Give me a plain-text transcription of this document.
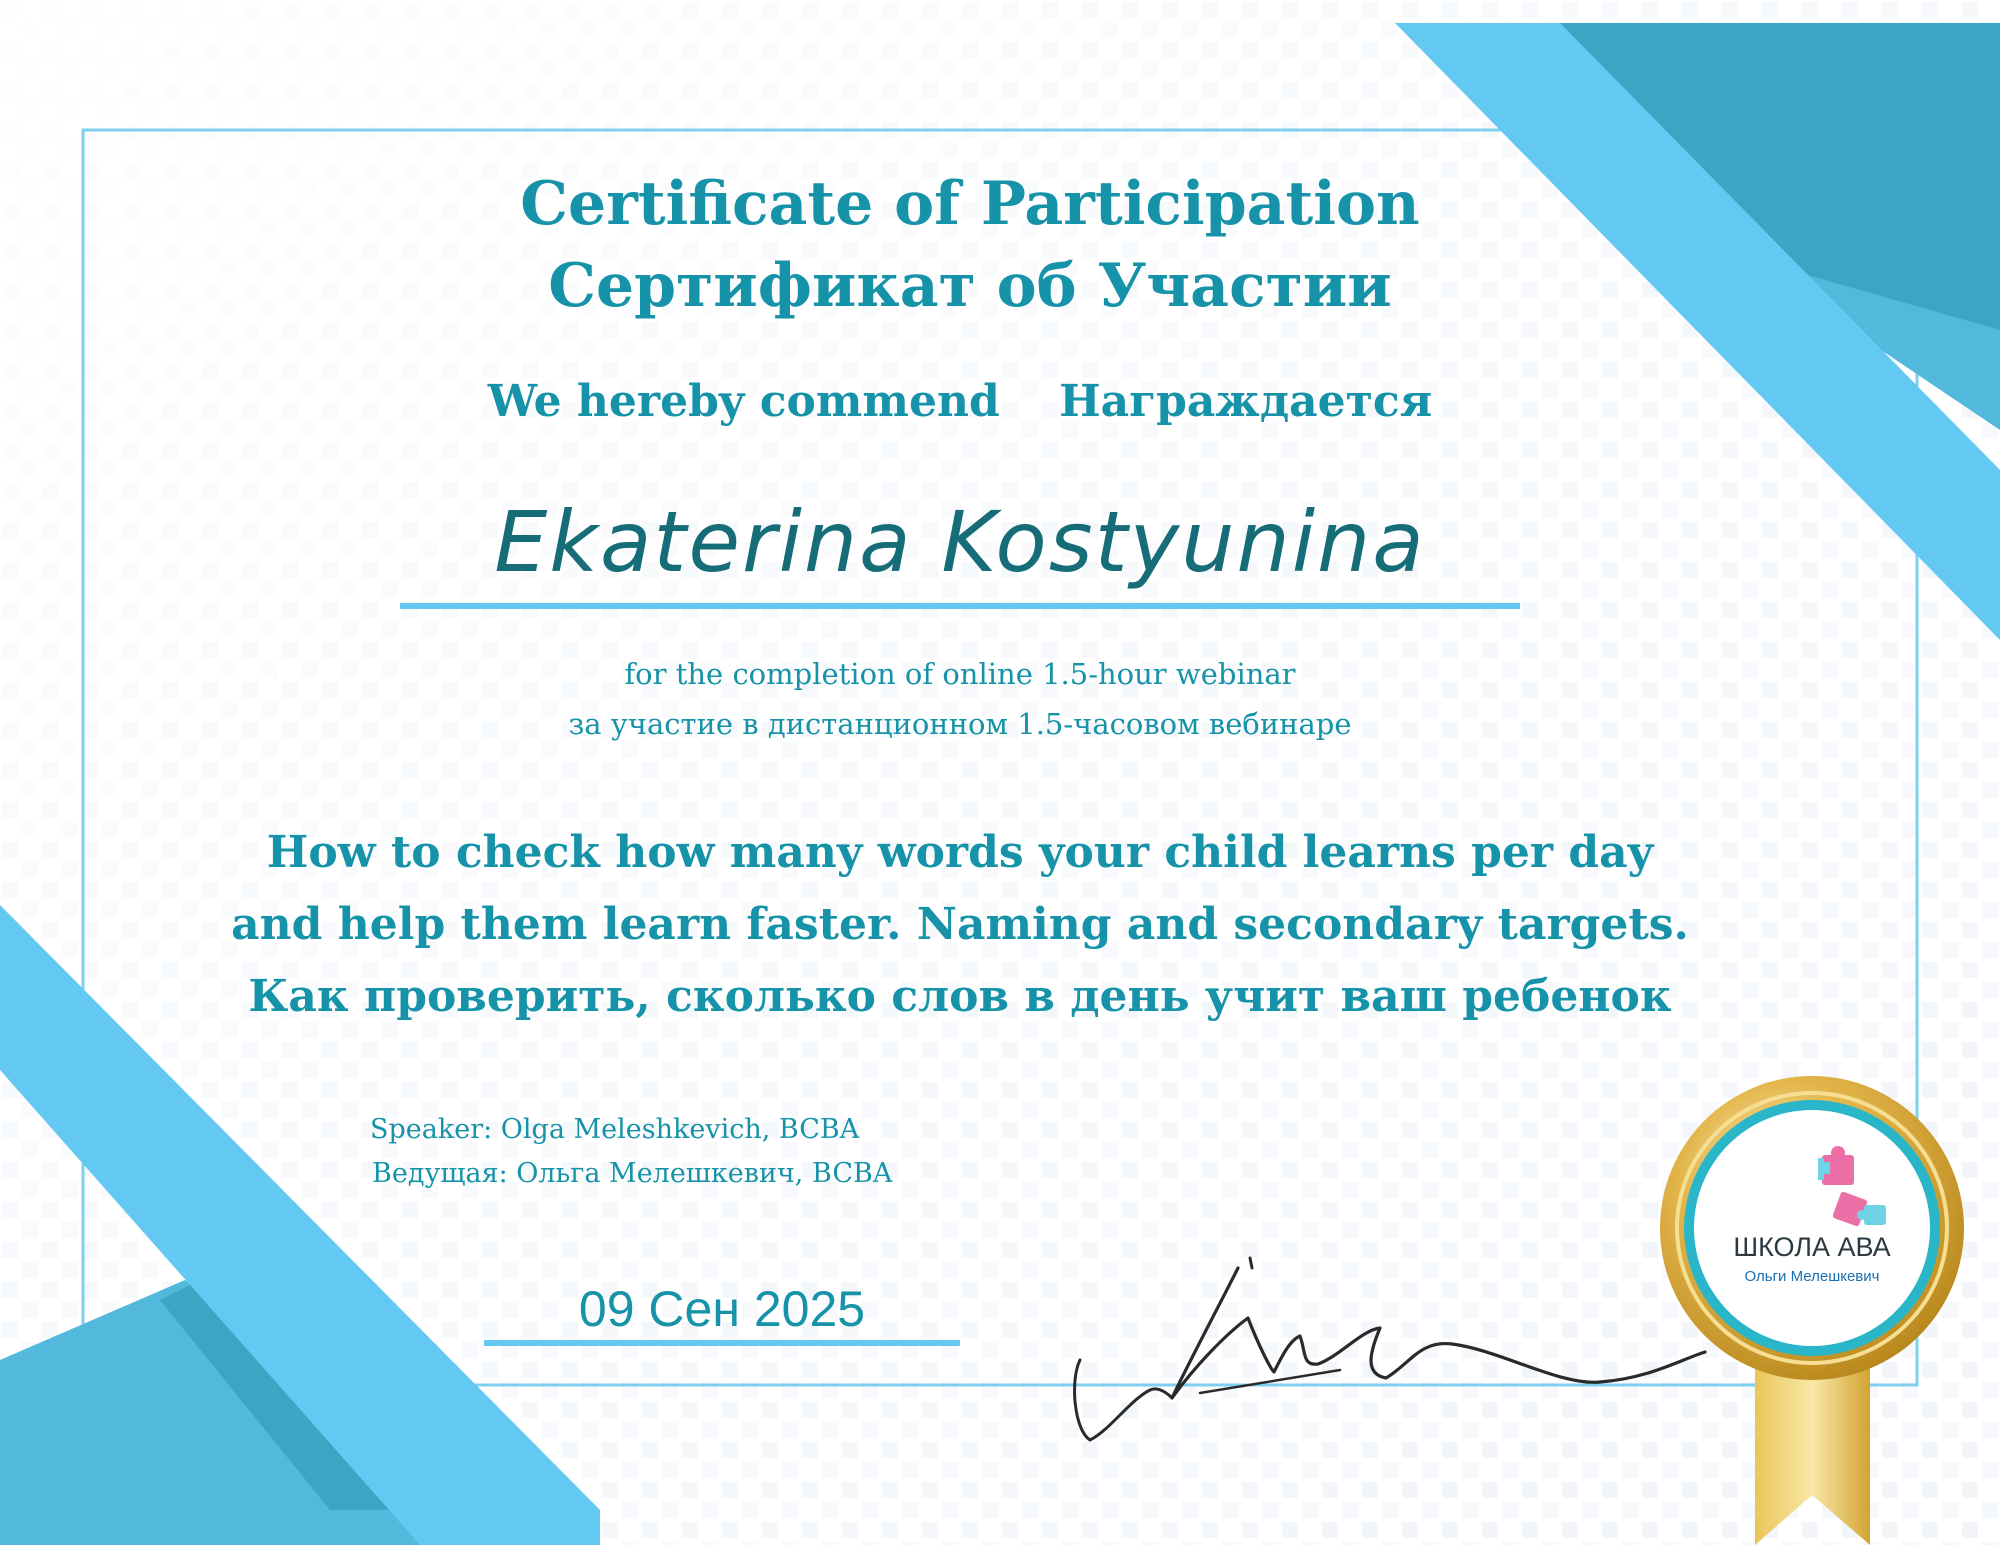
Certificate of Participation
Сертификат об Участии
We hereby commend Награждается
Ekaterina Kostyunina
for the completion of online 1.5-hour webinar
за участие в дистанционном 1.5-часовом вебинаре
How to check how many words your child learns per day
and help them learn faster. Naming and secondary targets.
Как проверить, сколько слов в день учит ваш ребенок
Speaker: Olga Meleshkevich, BCBA
Ведущая: Ольга Мелешкевич, BCBA
09 Сен 2025
ШКОЛА АВА
Ольги Мелешкевич
